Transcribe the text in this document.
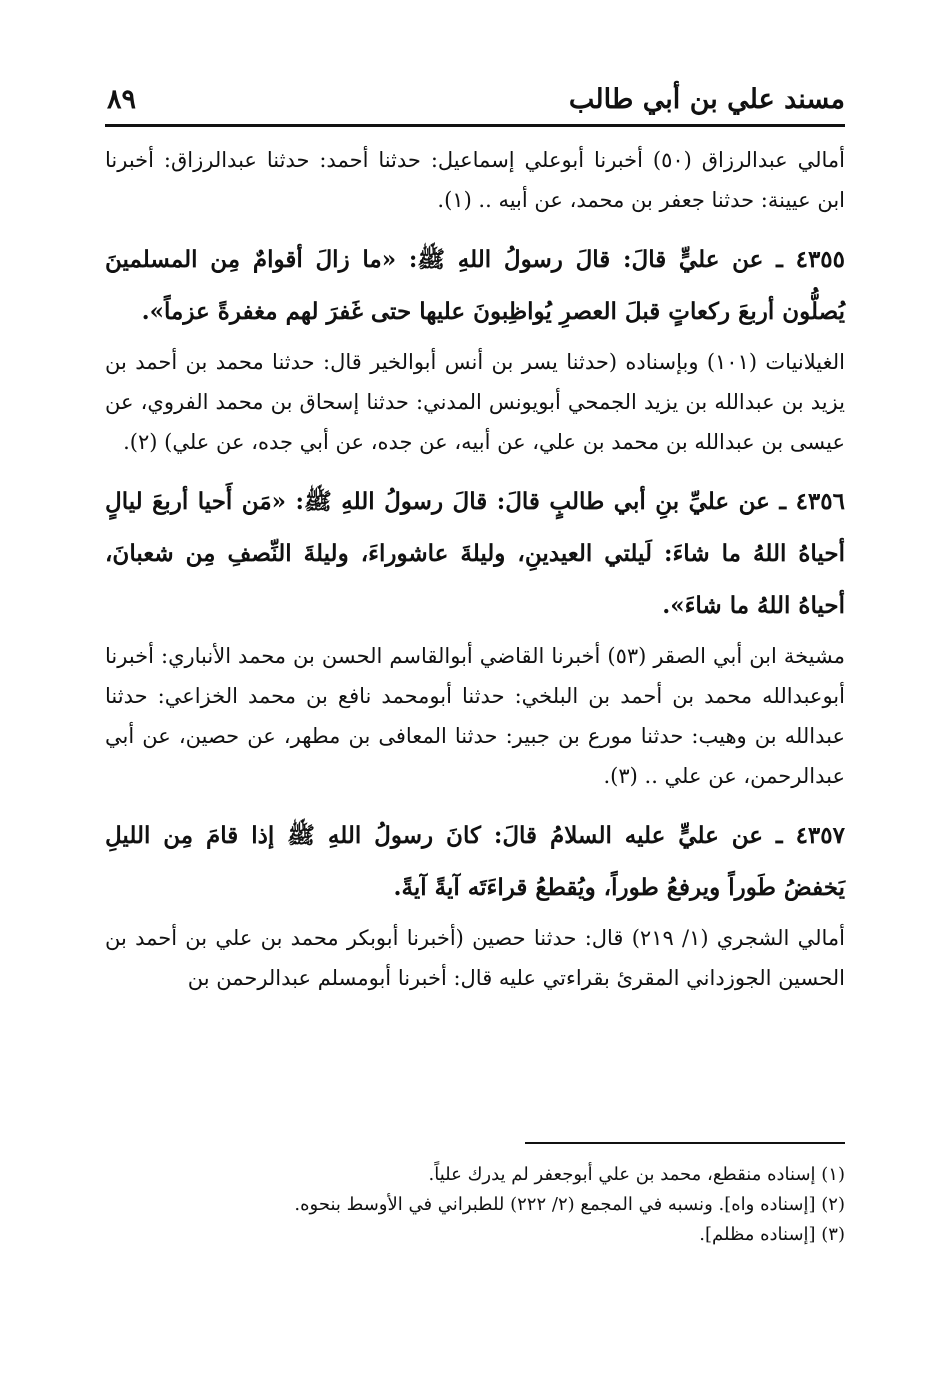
مسند علي بن أبي طالب
٨٩

أمالي عبدالرزاق (٥٠) أخبرنا أبوعلي إسماعيل: حدثنا أحمد: حدثنا عبدالرزاق: أخبرنا ابن عيينة: حدثنا جعفر بن محمد، عن أبيه .. (١).

٤٣٥٥ ـ عن عليٍّ قالَ: قالَ رسولُ اللهِ ﷺ: «ما زالَ أقوامٌ مِن المسلمينَ يُصلُّون أربعَ ركعاتٍ قبلَ العصرِ يُواظِبونَ عليها حتى غَفرَ لهم مغفرةً عزماً».

الغيلانيات (١٠١) وبإسناده (حدثنا يسر بن أنس أبوالخير قال: حدثنا محمد بن أحمد بن يزيد بن عبدالله بن يزيد الجمحي أبويونس المدني: حدثنا إسحاق بن محمد الفروي، عن عيسى بن عبدالله بن محمد بن علي، عن أبيه، عن جده، عن أبي جده، عن علي) (٢).

٤٣٥٦ ـ عن عليِّ بنِ أبي طالبٍ قالَ: قالَ رسولُ اللهِ ﷺ: «مَن أَحيا أربعَ ليالٍ أحياهُ اللهُ ما شاءَ: لَيلتي العيدينِ، وليلةَ عاشوراءَ، وليلةَ النِّصفِ مِن شعبانَ، أحياهُ اللهُ ما شاءَ».

مشيخة ابن أبي الصقر (٥٣) أخبرنا القاضي أبوالقاسم الحسن بن محمد الأنباري: أخبرنا أبوعبدالله محمد بن أحمد بن البلخي: حدثنا أبومحمد نافع بن محمد الخزاعي: حدثنا عبدالله بن وهيب: حدثنا مورع بن جبير: حدثنا المعافى بن مطهر، عن حصين، عن أبي عبدالرحمن، عن علي .. (٣).

٤٣٥٧ ـ عن عليٍّ عليه السلامُ قالَ: كانَ رسولُ اللهِ ﷺ إذا قامَ مِن الليلِ يَخفضُ طَوراً ويرفعُ طوراً، ويُقطعُ قراءَتَه آيةً آيةً.

أمالي الشجري (١/ ٢١٩) قال: حدثنا حصين (أخبرنا أبوبكر محمد بن علي بن أحمد بن الحسين الجوزداني المقرئ بقراءتي عليه قال: أخبرنا أبومسلم عبدالرحمن بن

(١) إسناده منقطع، محمد بن علي أبوجعفر لم يدرك علياً.
(٢) [إسناده واه]. ونسبه في المجمع (٢/ ٢٢٢) للطبراني في الأوسط بنحوه.
(٣) [إسناده مظلم].
